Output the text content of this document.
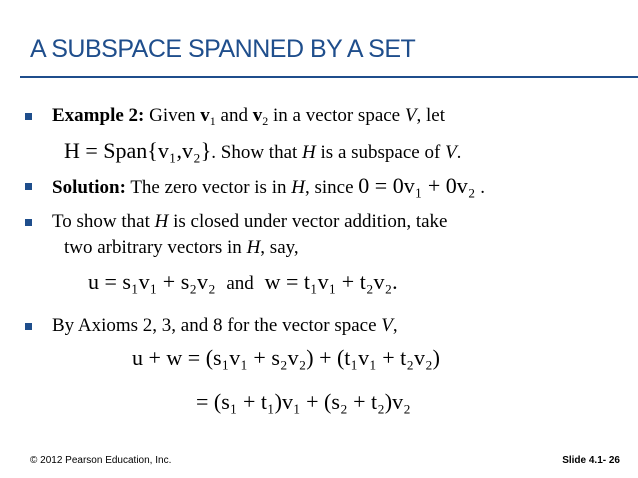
A SUBSPACE SPANNED BY A SET
Example 2: Given $v_1$ and $v_2$ in a vector space V, let
H = Span{v₁,v₂}. Show that H is a subspace of V.
Solution: The zero vector is in H, since 0 = 0v₁ + 0v₂ .
To show that H is closed under vector addition, take
two arbitrary vectors in H, say,
u = s₁v₁ + s₂v₂ and w = t₁v₁ + t₂v₂.
By Axioms 2, 3, and 8 for the vector space V,
u + w = (s₁v₁ + s₂v₂) + (t₁v₁ + t₂v₂)
= (s₁ + t₁)v₁ + (s₂ + t₂)v₂
© 2012 Pearson Education, Inc.	Slide 4.1- 26
